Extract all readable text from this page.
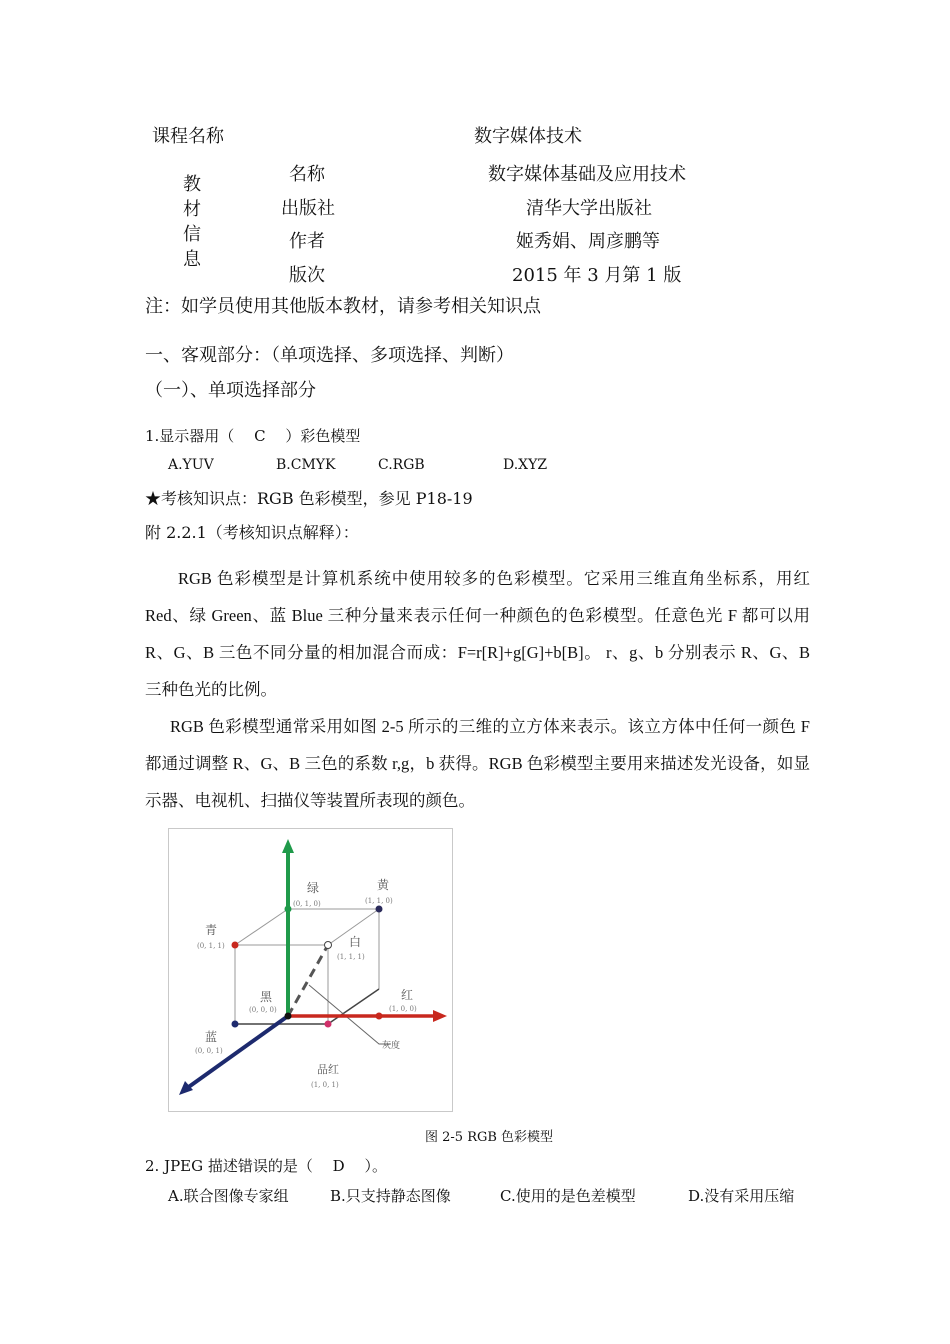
课程名称	数字媒体技术
教材信息
名称	数字媒体基础及应用技术
出版社	清华大学出版社
作者	姬秀娟、周彦鹏等
版次	2015 年 3 月第 1 版
注：如学员使用其他版本教材，请参考相关知识点
一、客观部分：（单项选择、多项选择、判断）
（一）、单项选择部分
1.显示器用（　 C　 ）彩色模型
A.YUV	B.CMYK	C.RGB	D.XYZ
★考核知识点：RGB 色彩模型，参见 P18-19
附 2.2.1（考核知识点解释）：
RGB 色彩模型是计算机系统中使用较多的色彩模型。它采用三维直角坐标系，用红 Red、绿 Green、蓝 Blue 三种分量来表示任何一种颜色的色彩模型。任意色光 F 都可以用 R、G、B 三色不同分量的相加混合而成：F=r[R]+g[G]+b[B]。 r、g、b 分别表示 R、G、B 三种色光的比例。
RGB 色彩模型通常采用如图 2-5 所示的三维的立方体来表示。该立方体中任何一颜色 F 都通过调整 R、G、B 三色的系数 r,g，b 获得。RGB 色彩模型主要用来描述发光设备，如显示器、电视机、扫描仪等装置所表现的颜色。
绿
(0, 1, 0)
黄
(1, 1, 0)
青
(0, 1, 1)	白
(1, 1, 1)
黑
(0, 0, 0)
红
(1, 0, 0)
蓝
(0, 0, 1)	灰度
品红
(1, 0, 1)
图 2-5 RGB 色彩模型
2. JPEG 描述错误的是（　 D　 ）。
A.联合图像专家组	B.只支持静态图像	C.使用的是色差模型	D.没有采用压缩
